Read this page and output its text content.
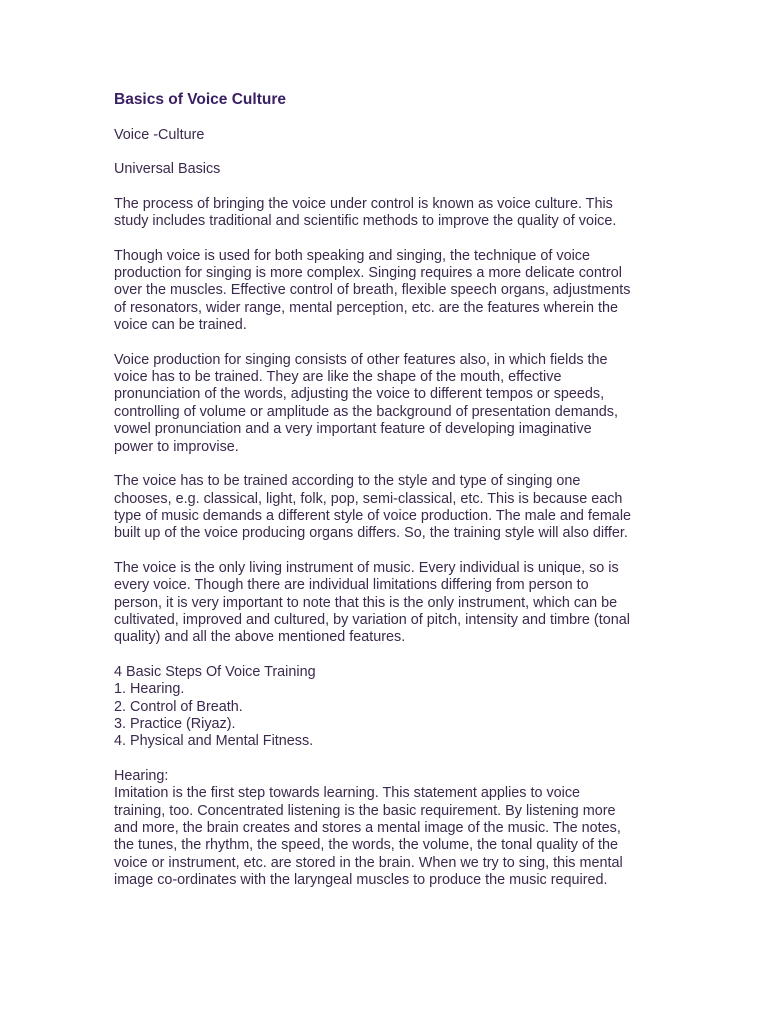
Basics of Voice Culture
Voice -Culture
Universal Basics
The process of bringing the voice under control is known as voice culture. This
study includes traditional and scientific methods to improve the quality of voice.
Though voice is used for both speaking and singing, the technique of voice
production for singing is more complex. Singing requires a more delicate control
over the muscles. Effective control of breath, flexible speech organs, adjustments
of resonators, wider range, mental perception, etc. are the features wherein the
voice can be trained.
Voice production for singing consists of other features also, in which fields the
voice has to be trained. They are like the shape of the mouth, effective
pronunciation of the words, adjusting the voice to different tempos or speeds,
controlling of volume or amplitude as the background of presentation demands,
vowel pronunciation and a very important feature of developing imaginative
power to improvise.
The voice has to be trained according to the style and type of singing one
chooses, e.g. classical, light, folk, pop, semi-classical, etc. This is because each
type of music demands a different style of voice production. The male and female
built up of the voice producing organs differs. So, the training style will also differ.
The voice is the only living instrument of music. Every individual is unique, so is
every voice. Though there are individual limitations differing from person to
person, it is very important to note that this is the only instrument, which can be
cultivated, improved and cultured, by variation of pitch, intensity and timbre (tonal
quality) and all the above mentioned features.
4 Basic Steps Of Voice Training
1. Hearing.
2. Control of Breath.
3. Practice (Riyaz).
4. Physical and Mental Fitness.
Hearing:
Imitation is the first step towards learning. This statement applies to voice
training, too. Concentrated listening is the basic requirement. By listening more
and more, the brain creates and stores a mental image of the music. The notes,
the tunes, the rhythm, the speed, the words, the volume, the tonal quality of the
voice or instrument, etc. are stored in the brain. When we try to sing, this mental
image co-ordinates with the laryngeal muscles to produce the music required.
